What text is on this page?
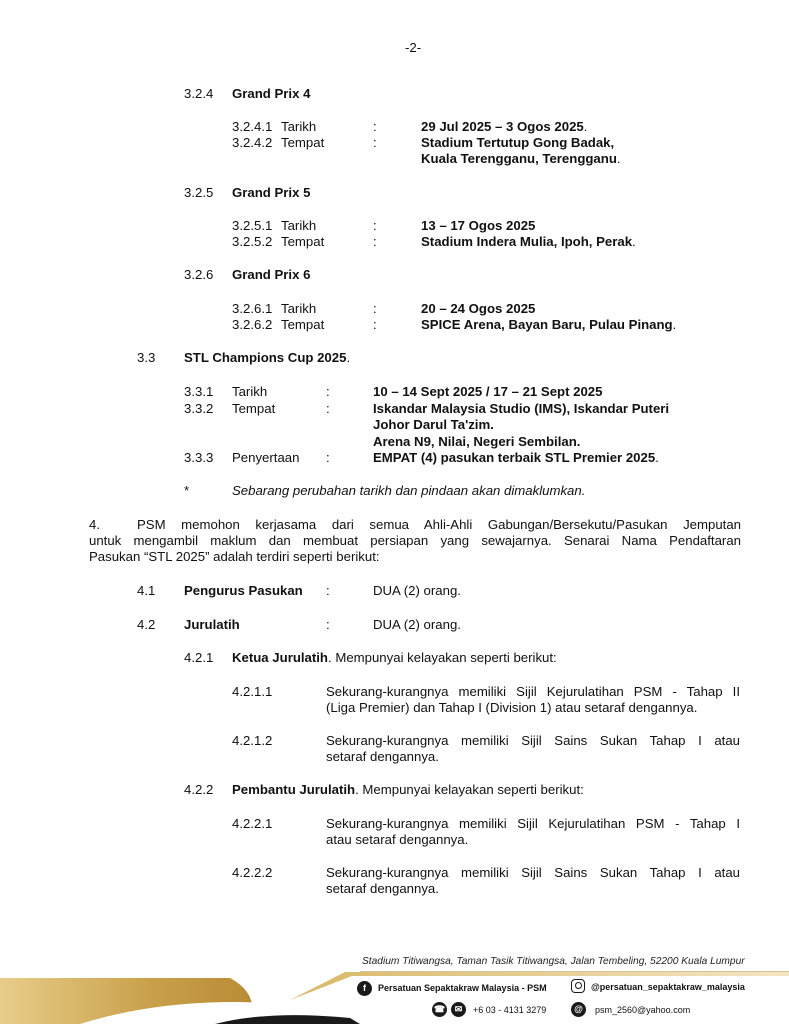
-2-
3.2.4 Grand Prix 4
3.2.4.1 Tarikh	:	29 Jul 2025 – 3 Ogos 2025.
3.2.4.2 Tempat	:	Stadium Tertutup Gong Badak,
Kuala Terengganu, Terengganu.
3.2.5 Grand Prix 5
3.2.5.1 Tarikh	:	13 – 17 Ogos 2025
3.2.5.2 Tempat	:	Stadium Indera Mulia, Ipoh, Perak.
3.2.6 Grand Prix 6
3.2.6.1 Tarikh	:	20 – 24 Ogos 2025
3.2.6.2 Tempat	:	SPICE Arena, Bayan Baru, Pulau Pinang.
3.3 STL Champions Cup 2025.
3.3.1 Tarikh	:	10 – 14 Sept 2025 / 17 – 21 Sept 2025
3.3.2 Tempat	:	Iskandar Malaysia Studio (IMS), Iskandar Puteri
Johor Darul Ta'zim.
Arena N9, Nilai, Negeri Sembilan.
3.3.3 Penyertaan :	EMPAT (4) pasukan terbaik STL Premier 2025.
*	Sebarang perubahan tarikh dan pindaan akan dimaklumkan.
4.	PSM memohon kerjasama dari semua Ahli-Ahli Gabungan/Bersekutu/Pasukan Jemputan
untuk mengambil maklum dan membuat persiapan yang sewajarnya. Senarai Nama Pendaftaran
Pasukan “STL 2025” adalah terdiri seperti berikut:
4.1 Pengurus Pasukan :	DUA (2) orang.
4.2 Jurulatih	:	DUA (2) orang.
4.2.1 Ketua Jurulatih. Mempunyai kelayakan seperti berikut:
4.2.1.1	Sekurang-kurangnya memiliki Sijil Kejurulatihan PSM - Tahap II
(Liga Premier) dan Tahap I (Division 1) atau setaraf dengannya.
4.2.1.2	Sekurang-kurangnya memiliki Sijil Sains Sukan Tahap I atau
setaraf dengannya.
4.2.2 Pembantu Jurulatih. Mempunyai kelayakan seperti berikut:
4.2.2.1	Sekurang-kurangnya memiliki Sijil Kejurulatihan PSM - Tahap I
atau setaraf dengannya.
4.2.2.2	Sekurang-kurangnya memiliki Sijil Sains Sukan Tahap I atau
setaraf dengannya.
Stadium Titiwangsa, Taman Tasik Titiwangsa, Jalan Tembeling, 52200 Kuala Lumpur
f	Persatuan Sepaktakraw Malaysia - PSM	@persatuan_sepaktakraw_malaysia
☎	✉	+6 03 - 4131 3279	@	psm_2560@yahoo.com
